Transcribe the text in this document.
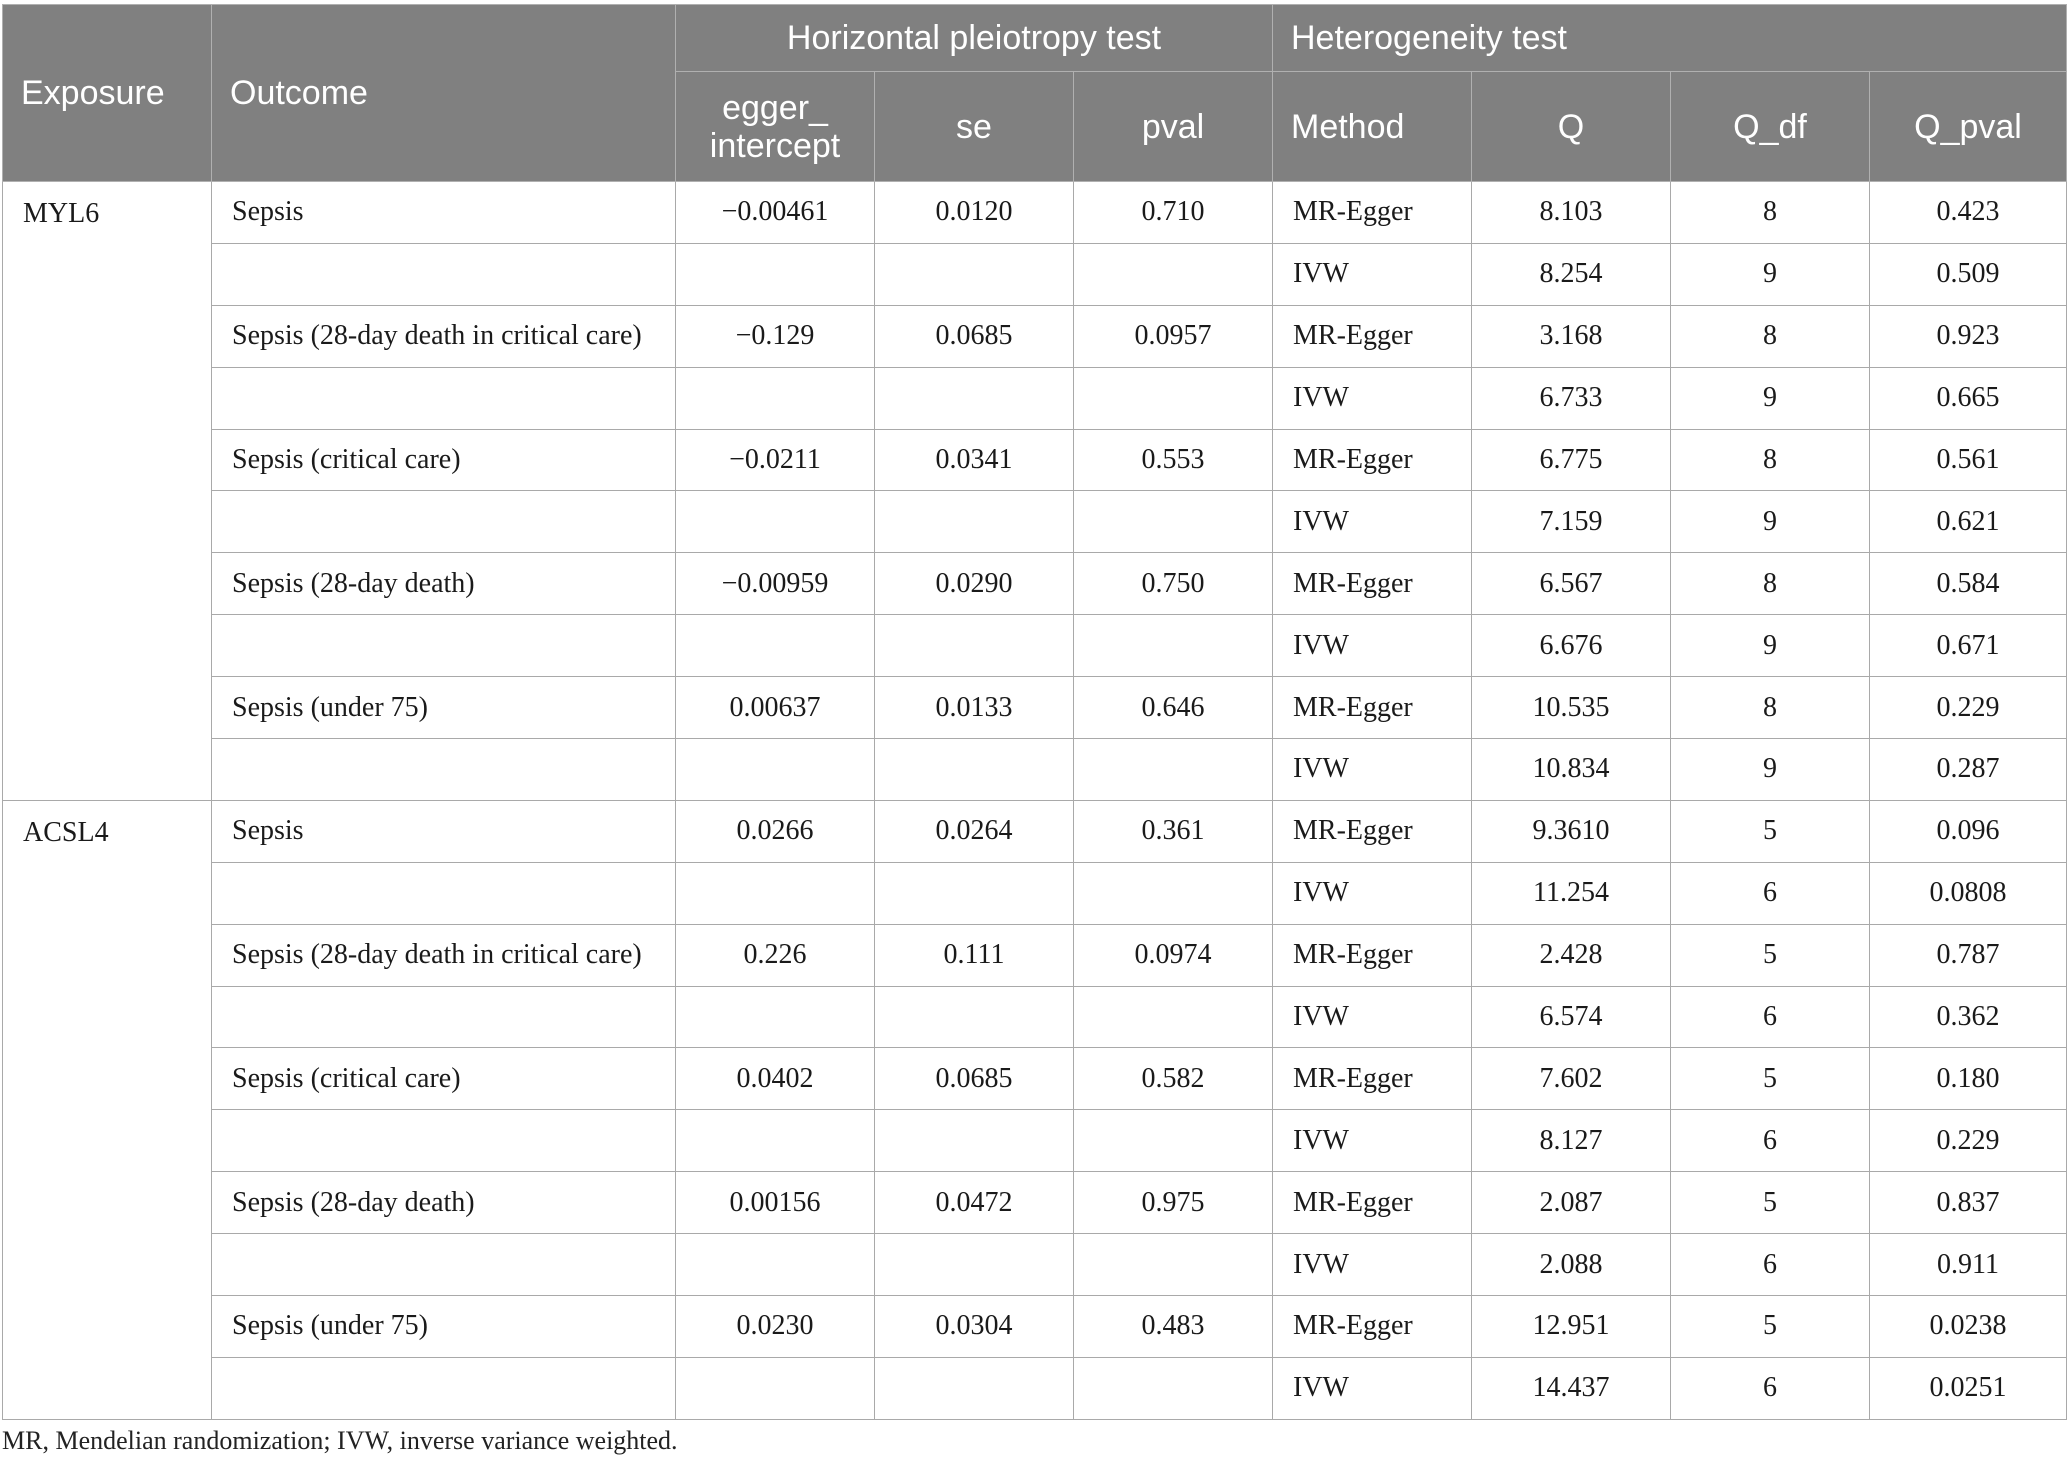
Exposure	Outcome	Horizontal pleiotropy test			Heterogeneity test			
		egger_
intercept	se	pval	Method	Q	Q_df	Q_pval
MYL6	Sepsis	−0.00461	0.0120	0.710	MR-Egger	8.103	8	0.423
					IVW	8.254	9	0.509
	Sepsis (28-day death in critical care)	−0.129	0.0685	0.0957	MR-Egger	3.168	8	0.923
					IVW	6.733	9	0.665
	Sepsis (critical care)	−0.0211	0.0341	0.553	MR-Egger	6.775	8	0.561
					IVW	7.159	9	0.621
	Sepsis (28-day death)	−0.00959	0.0290	0.750	MR-Egger	6.567	8	0.584
					IVW	6.676	9	0.671
	Sepsis (under 75)	0.00637	0.0133	0.646	MR-Egger	10.535	8	0.229
					IVW	10.834	9	0.287
ACSL4	Sepsis	0.0266	0.0264	0.361	MR-Egger	9.3610	5	0.096
					IVW	11.254	6	0.0808
	Sepsis (28-day death in critical care)	0.226	0.111	0.0974	MR-Egger	2.428	5	0.787
					IVW	6.574	6	0.362
	Sepsis (critical care)	0.0402	0.0685	0.582	MR-Egger	7.602	5	0.180
					IVW	8.127	6	0.229
	Sepsis (28-day death)	0.00156	0.0472	0.975	MR-Egger	2.087	5	0.837
					IVW	2.088	6	0.911
	Sepsis (under 75)	0.0230	0.0304	0.483	MR-Egger	12.951	5	0.0238
					IVW	14.437	6	0.0251
MR, Mendelian randomization; IVW, inverse variance weighted.
